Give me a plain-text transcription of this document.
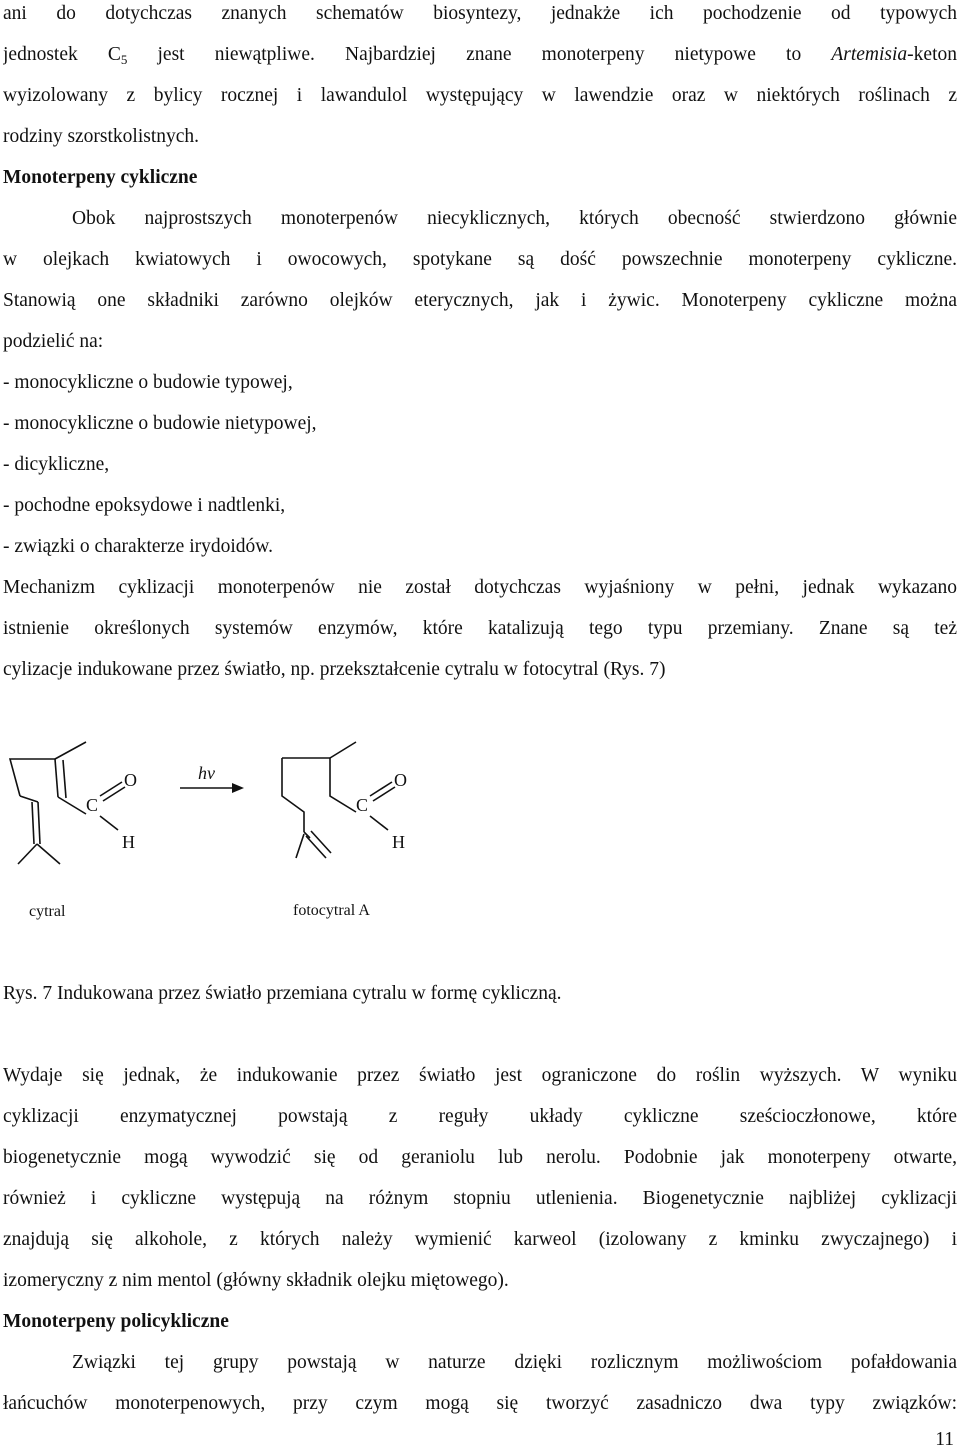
ani do dotychczas znanych schematów biosyntezy, jednakże ich pochodzenie od typowych
jednostek $C_5$ jest niewątpliwe. Najbardziej znane monoterpeny nietypowe to Artemisia-keton
wyizolowany z bylicy rocznej i lawandulol występujący w lawendzie oraz w niektórych roślinach z
rodziny szorstkolistnych.
Monoterpeny cykliczne
Obok najprostszych monoterpenów niecyklicznych, których obecność stwierdzono głównie
w olejkach kwiatowych i owocowych, spotykane są dość powszechnie monoterpeny cykliczne.
Stanowią one składniki zarówno olejków eterycznych, jak i żywic. Monoterpeny cykliczne można
podzielić na:
- monocykliczne o budowie typowej,
- monocykliczne o budowie nietypowej,
- dicykliczne,
- pochodne epoksydowe i nadtlenki,
- związki o charakterze irydoidów.
Mechanizm cyklizacji monoterpenów nie został dotychczas wyjaśniony w pełni, jednak wykazano
istnienie określonych systemów enzymów, które katalizują tego typu przemiany. Znane są też
cylizacje indukowane przez światło, np. przekształcenie cytralu w fotocytral (Rys. 7)
C
O
H
hv
C
O
H
cytral	fotocytral A
Rys. 7 Indukowana przez światło przemiana cytralu w formę cykliczną.
Wydaje się jednak, że indukowanie przez światło jest ograniczone do roślin wyższych. W wyniku
cyklizacji enzymatycznej powstają z reguły układy cykliczne sześcioczłonowe, które
biogenetycznie mogą wywodzić się od geraniolu lub nerolu. Podobnie jak monoterpeny otwarte,
również i cykliczne występują na różnym stopniu utlenienia. Biogenetycznie najbliżej cyklizacji
znajdują się alkohole, z których należy wymienić karweol (izolowany z kminku zwyczajnego) i
izomeryczny z nim mentol (główny składnik olejku miętowego).
Monoterpeny policykliczne
Związki tej grupy powstają w naturze dzięki rozlicznym możliwościom pofałdowania
łańcuchów monoterpenowych, przy czym mogą się tworzyć zasadniczo dwa typy związków:
11
